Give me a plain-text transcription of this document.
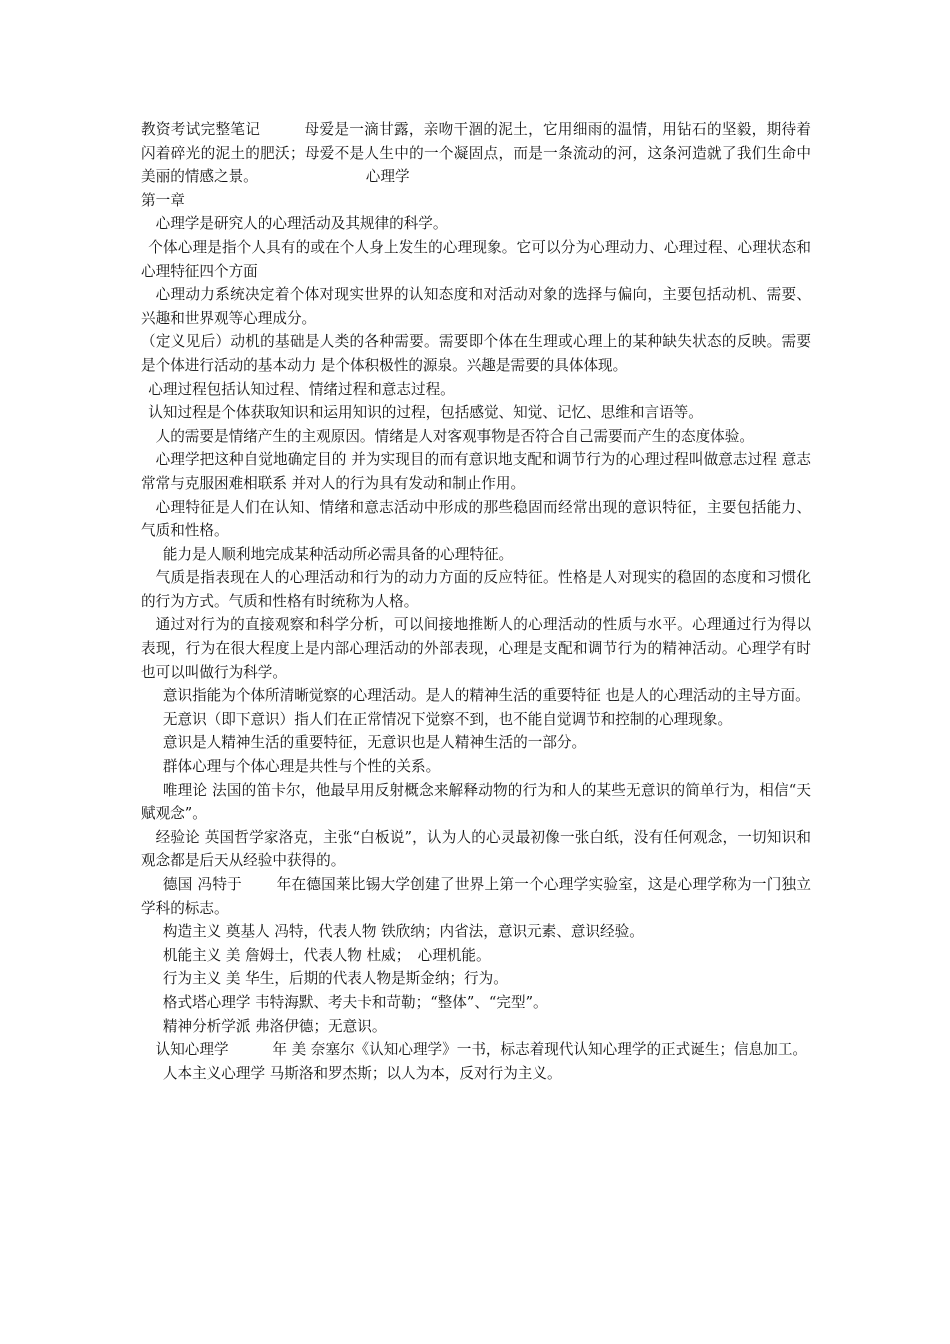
教资考试完整笔记	母爱是一滴甘露，亲吻干涸的泥土，它用细雨的温情，用钻石的坚毅，期待着闪着碎光的泥土的肥沃；母爱不是人生中的一个凝固点，而是一条流动的河，这条河造就了我们生命中美丽的情感之景。	心理学

第一章

心理学是研究人的心理活动及其规律的科学。

个体心理是指个人具有的或在个人身上发生的心理现象。它可以分为心理动力、心理过程、心理状态和心理特征四个方面

心理动力系统决定着个体对现实世界的认知态度和对活动对象的选择与偏向，主要包括动机、需要、兴趣和世界观等心理成分。

（定义见后）动机的基础是人类的各种需要。需要即个体在生理或心理上的某种缺失状态的反映。需要是个体进行活动的基本动力 是个体积极性的源泉。兴趣是需要的具体体现。

心理过程包括认知过程、情绪过程和意志过程。

认知过程是个体获取知识和运用知识的过程，包括感觉、知觉、记忆、思维和言语等。

人的需要是情绪产生的主观原因。情绪是人对客观事物是否符合自己需要而产生的态度体验。

心理学把这种自觉地确定目的 并为实现目的而有意识地支配和调节行为的心理过程叫做意志过程 意志常常与克服困难相联系 并对人的行为具有发动和制止作用。

心理特征是人们在认知、情绪和意志活动中形成的那些稳固而经常出现的意识特征，主要包括能力、气质和性格。

能力是人顺利地完成某种活动所必需具备的心理特征。

气质是指表现在人的心理活动和行为的动力方面的反应特征。性格是人对现实的稳固的态度和习惯化的行为方式。气质和性格有时统称为人格。

通过对行为的直接观察和科学分析，可以间接地推断人的心理活动的性质与水平。心理通过行为得以表现，行为在很大程度上是内部心理活动的外部表现，心理是支配和调节行为的精神活动。心理学有时也可以叫做行为科学。

意识指能为个体所清晰觉察的心理活动。是人的精神生活的重要特征 也是人的心理活动的主导方面。

无意识（即下意识）指人们在正常情况下觉察不到，也不能自觉调节和控制的心理现象。

意识是人精神生活的重要特征，无意识也是人精神生活的一部分。

群体心理与个体心理是共性与个性的关系。

唯理论 法国的笛卡尔，他最早用反射概念来解释动物的行为和人的某些无意识的简单行为，相信“天赋观念”。

经验论 英国哲学家洛克，主张“白板说”，认为人的心灵最初像一张白纸，没有任何观念，一切知识和观念都是后天从经验中获得的。

德国 冯特于　　 年在德国莱比锡大学创建了世界上第一个心理学实验室，这是心理学称为一门独立学科的标志。

构造主义 奠基人 冯特，代表人物 铁欣纳；内省法，意识元素、意识经验。

机能主义 美 詹姆士，代表人物 杜威；　心理机能。

行为主义 美 华生，后期的代表人物是斯金纳；行为。

格式塔心理学 韦特海默、考夫卡和苛勒；“整体”、“完型”。

精神分析学派 弗洛伊德；无意识。

认知心理学　　　年 美 奈塞尔《认知心理学》一书，标志着现代认知心理学的正式诞生；信息加工。

人本主义心理学 马斯洛和罗杰斯；以人为本，反对行为主义。
